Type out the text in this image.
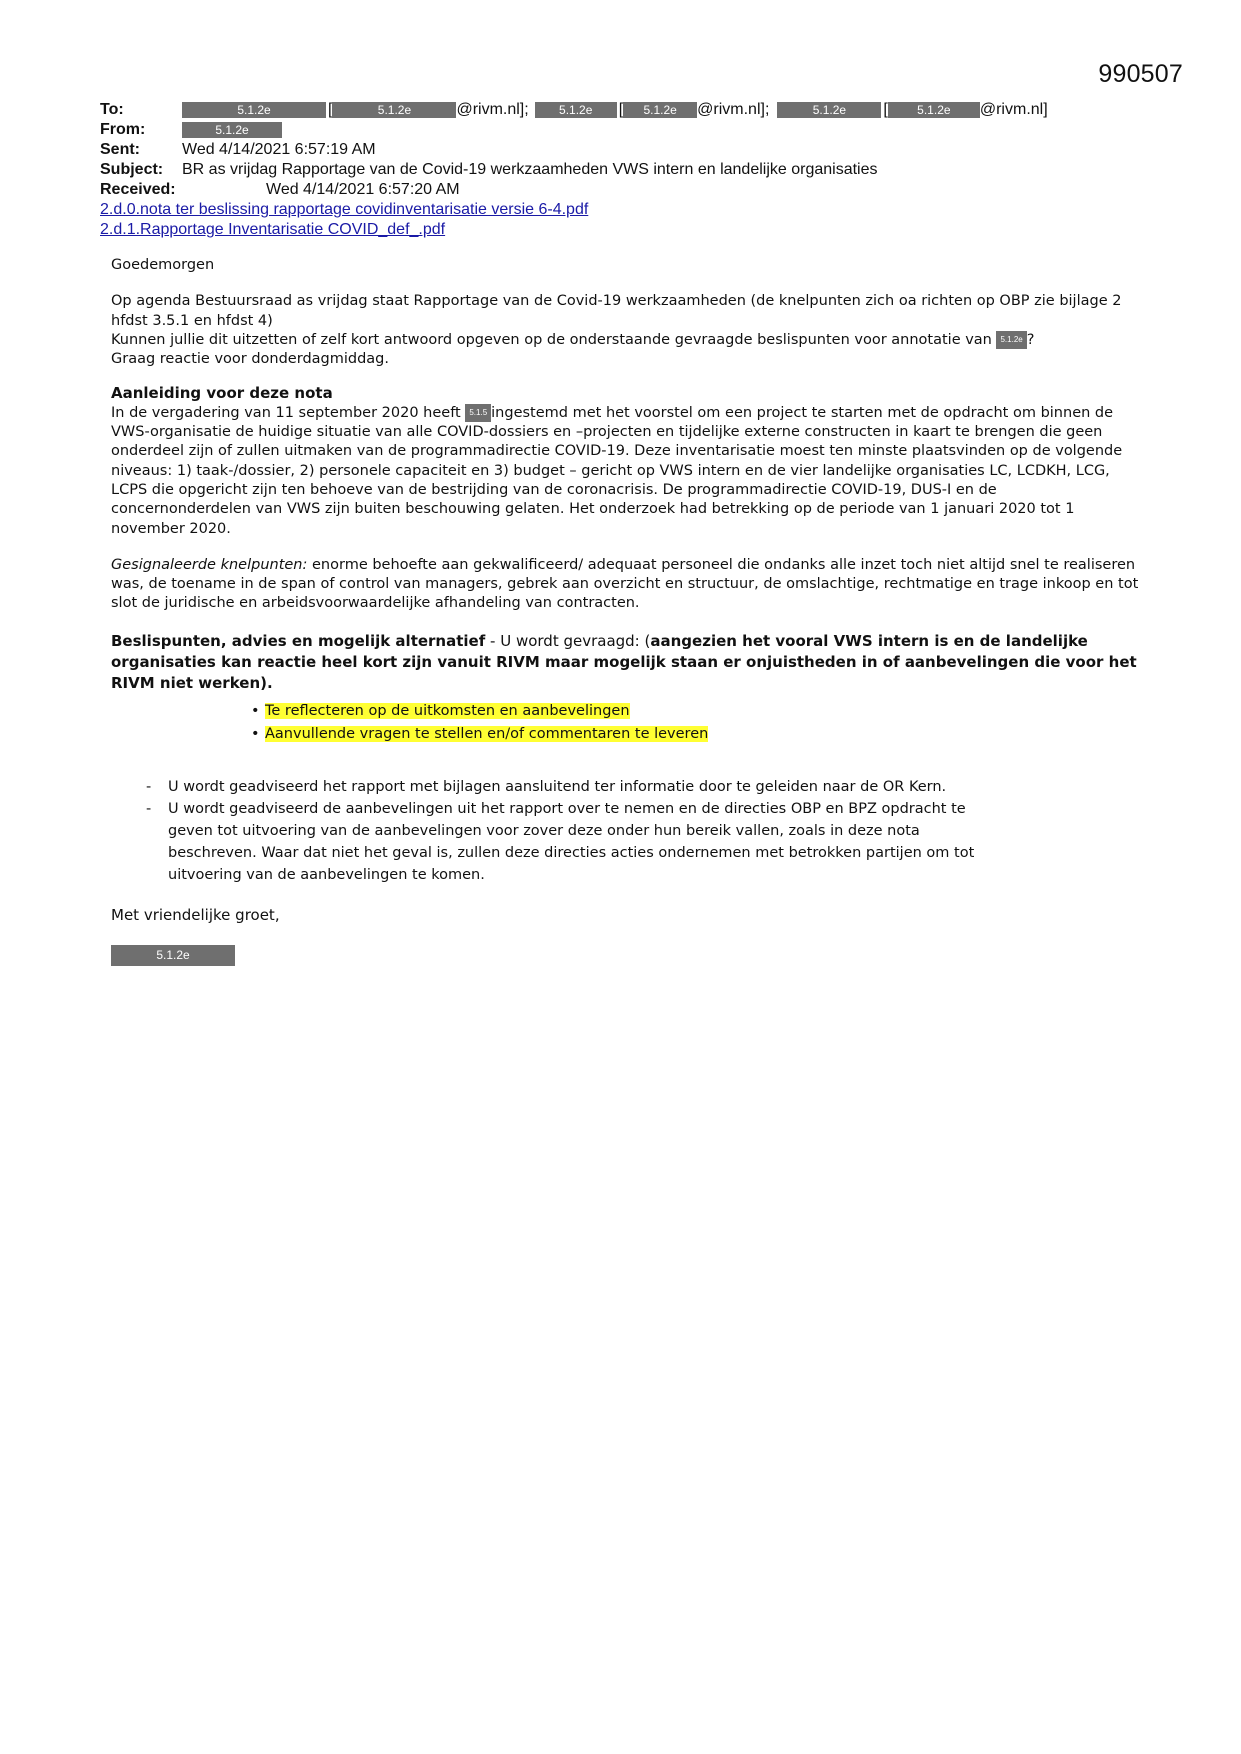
990507
To:	5.1.2e	[	5.1.2e	@rivm.nl];	5.1.2e	[	5.1.2e	@rivm.nl];	5.1.2e	[	5.1.2e	@rivm.nl]
From:	5.1.2e
Sent:	Wed 4/14/2021 6:57:19 AM
Subject:	BR as vrijdag Rapportage van de Covid-19 werkzaamheden VWS intern en landelijke organisaties
Received:	Wed 4/14/2021 6:57:20 AM
2.d.0.nota ter beslissing rapportage covidinventarisatie versie 6-4.pdf
2.d.1.Rapportage Inventarisatie COVID_def_.pdf

Goedemorgen

Op agenda Bestuursraad as vrijdag staat Rapportage van de Covid-19 werkzaamheden (de knelpunten zich oa richten op OBP zie bijlage 2 hfdst 3.5.1 en hfdst 4)

Kunnen jullie dit uitzetten of zelf kort antwoord opgeven op de onderstaande gevraagde beslispunten voor annotatie van 5.1.2e ?

Graag reactie voor donderdagmiddag.

Aanleiding voor deze nota

In de vergadering van 11 september 2020 heeft 5.1.5 ingestemd met het voorstel om een project te starten met de opdracht om binnen de VWS-organisatie de huidige situatie van alle COVID-dossiers en –projecten en tijdelijke externe constructen in kaart te brengen die geen onderdeel zijn of zullen uitmaken van de programmadirectie COVID-19. Deze inventarisatie moest ten minste plaatsvinden op de volgende niveaus: 1) taak-/dossier, 2) personele capaciteit en 3) budget – gericht op VWS intern en de vier landelijke organisaties LC, LCDKH, LCG, LCPS die opgericht zijn ten behoeve van de bestrijding van de coronacrisis. De programmadirectie COVID-19, DUS-I en de concernonderdelen van VWS zijn buiten beschouwing gelaten. Het onderzoek had betrekking op de periode van 1 januari 2020 tot 1 november 2020.

Gesignaleerde knelpunten: enorme behoefte aan gekwalificeerd/ adequaat personeel die ondanks alle inzet toch niet altijd snel te realiseren was, de toename in de span of control van managers, gebrek aan overzicht en structuur, de omslachtige, rechtmatige en trage inkoop en tot slot de juridische en arbeidsvoorwaardelijke afhandeling van contracten.

Beslispunten, advies en mogelijk alternatief - U wordt gevraagd: (aangezien het vooral VWS intern is en de landelijke organisaties kan reactie heel kort zijn vanuit RIVM maar mogelijk staan er onjuistheden in of aanbevelingen die voor het RIVM niet werken).

• Te reflecteren op de uitkomsten en aanbevelingen
• Aanvullende vragen te stellen en/of commentaren te leveren
- U wordt geadviseerd het rapport met bijlagen aansluitend ter informatie door te geleiden naar de OR Kern.
- U wordt geadviseerd de aanbevelingen uit het rapport over te nemen en de directies OBP en BPZ opdracht te geven tot uitvoering van de aanbevelingen voor zover deze onder hun bereik vallen, zoals in deze nota beschreven. Waar dat niet het geval is, zullen deze directies acties ondernemen met betrokken partijen om tot uitvoering van de aanbevelingen te komen.

Met vriendelijke groet,

5.1.2e
